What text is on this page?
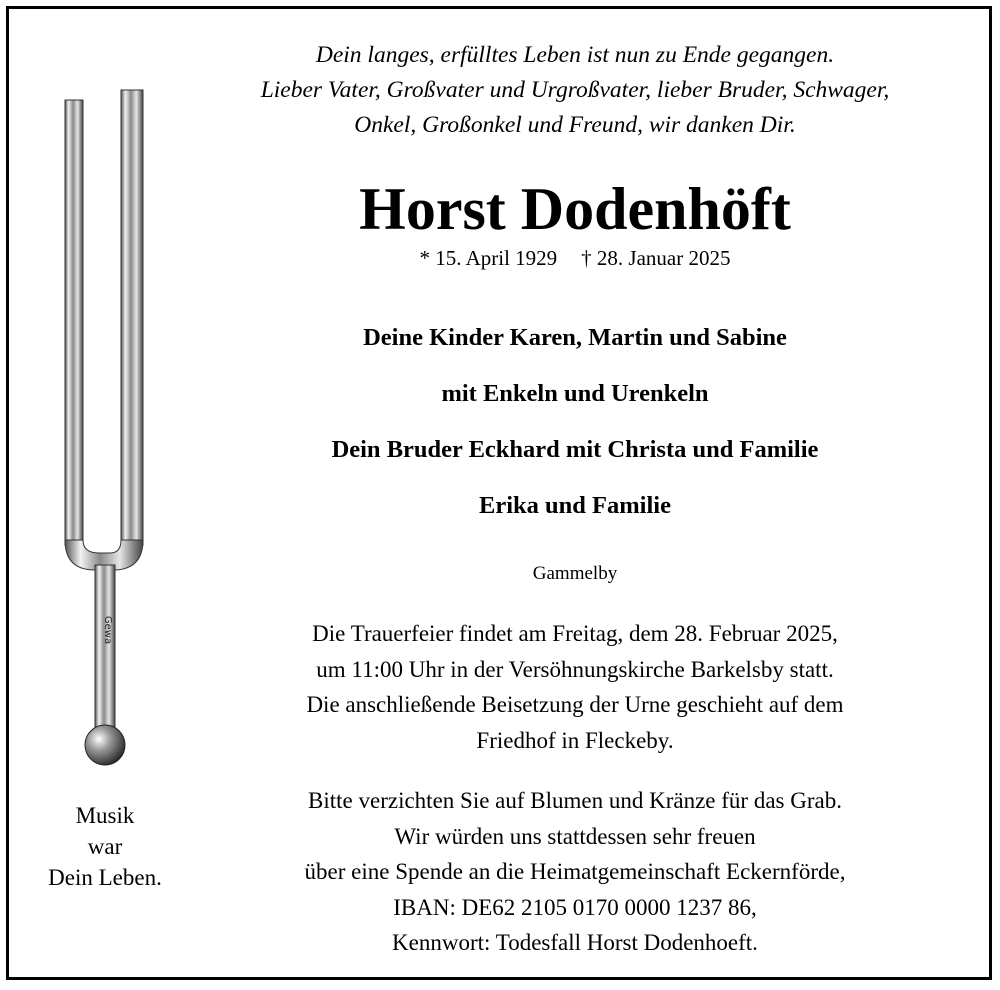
Gewa
Dein langes, erfülltes Leben ist nun zu Ende gegangen.
Lieber Vater, Großvater und Urgroßvater, lieber Bruder, Schwager,
Onkel, Großonkel und Freund, wir danken Dir.
Horst Dodenhöft
* 15. April 1929 † 28. Januar 2025
Deine Kinder Karen, Martin und Sabine
mit Enkeln und Urenkeln
Dein Bruder Eckhard mit Christa und Familie
Erika und Familie
Gammelby
Die Trauerfeier findet am Freitag, dem 28. Februar 2025,
um 11:00 Uhr in der Versöhnungskirche Barkelsby statt.
Die anschließende Beisetzung der Urne geschieht auf dem
Friedhof in Fleckeby.
Bitte verzichten Sie auf Blumen und Kränze für das Grab.
Wir würden uns stattdessen sehr freuen
über eine Spende an die Heimatgemeinschaft Eckernförde,
IBAN: DE62 2105 0170 0000 1237 86,
Kennwort: Todesfall Horst Dodenhoeft.
Musik
war
Dein Leben.
